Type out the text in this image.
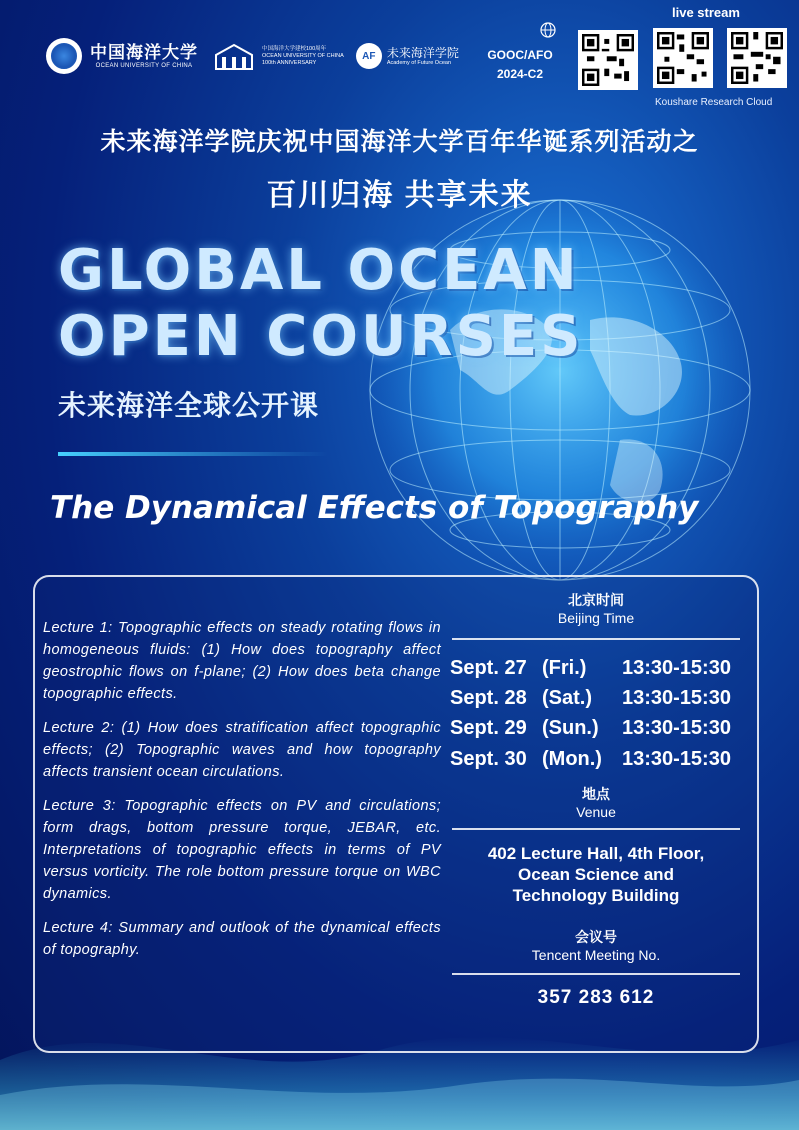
中国海洋大学
OCEAN UNIVERSITY OF CHINA
中国海洋大学建校100周年
OCEAN UNIVERSITY OF CHINA
100th ANNIVERSARY
AF 未来海洋学院
Academy of Future Ocean
GOOC/AFO
2024-C2
live stream
Koushare Research Cloud
未来海洋学院庆祝中国海洋大学百年华诞系列活动之
百川归海 共享未来
GLOBAL OCEAN
OPEN COURSES
未来海洋全球公开课
The Dynamical Effects of Topography

Lecture 1: Topographic effects on steady rotating flows in homogeneous fluids: (1) How does topography affect geostrophic flows on f-plane; (2) How does beta change topographic effects.

Lecture 2: (1) How does stratification affect topographic effects; (2) Topographic waves and how topography affects transient ocean circulations.

Lecture 3: Topographic effects on PV and circulations; form drags, bottom pressure torque, JEBAR, etc. Interpretations of topographic effects in terms of PV versus vorticity. The role bottom pressure torque on WBC dynamics.

Lecture 4: Summary and outlook of the dynamical effects of topography.

北京时间
Beijing Time
Sept. 27 (Fri.) 13:30-15:30
Sept. 28 (Sat.) 13:30-15:30
Sept. 29 (Sun.) 13:30-15:30
Sept. 30 (Mon.) 13:30-15:30
地点
Venue
402 Lecture Hall, 4th Floor,
Ocean Science and
Technology Building
会议号
Tencent Meeting No.
357 283 612
